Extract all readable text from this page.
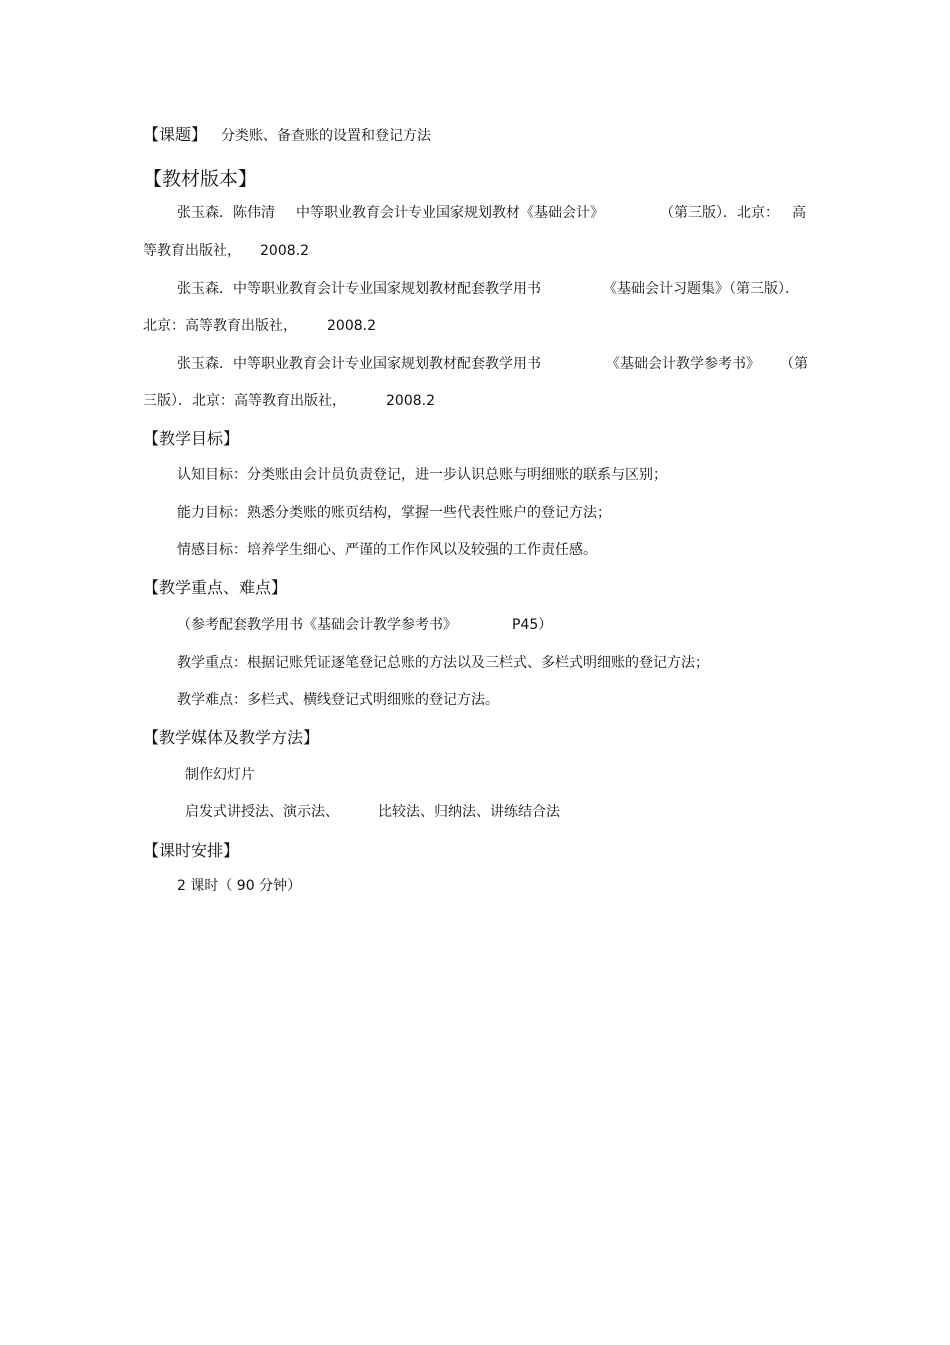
【课题】 分类账、备查账的设置和登记方法
【教材版本】
张玉森．陈伟清 中等职业教育会计专业国家规划教材《基础会计》	（第三版）．北京： 高
等教育出版社， 2008.2
张玉森．中等职业教育会计专业国家规划教材配套教学用书	《基础会计习题集》（第三版）．
北京：高等教育出版社， 2008.2
张玉森．中等职业教育会计专业国家规划教材配套教学用书	《基础会计教学参考书》 （第
三版）．北京：高等教育出版社，	2008.2
【教学目标】
认知目标：分类账由会计员负责登记，进一步认识总账与明细账的联系与区别；
能力目标：熟悉分类账的账页结构，掌握一些代表性账户的登记方法；
情感目标：培养学生细心、严谨的工作作风以及较强的工作责任感。
【教学重点、难点】
（参考配套教学用书《基础会计教学参考书》	P45）
教学重点：根据记账凭证逐笔登记总账的方法以及三栏式、多栏式明细账的登记方法；
教学难点：多栏式、横线登记式明细账的登记方法。
【教学媒体及教学方法】
制作幻灯片
启发式讲授法、演示法、	比较法、归纳法、讲练结合法
【课时安排】
2 课时（ 90 分钟）
